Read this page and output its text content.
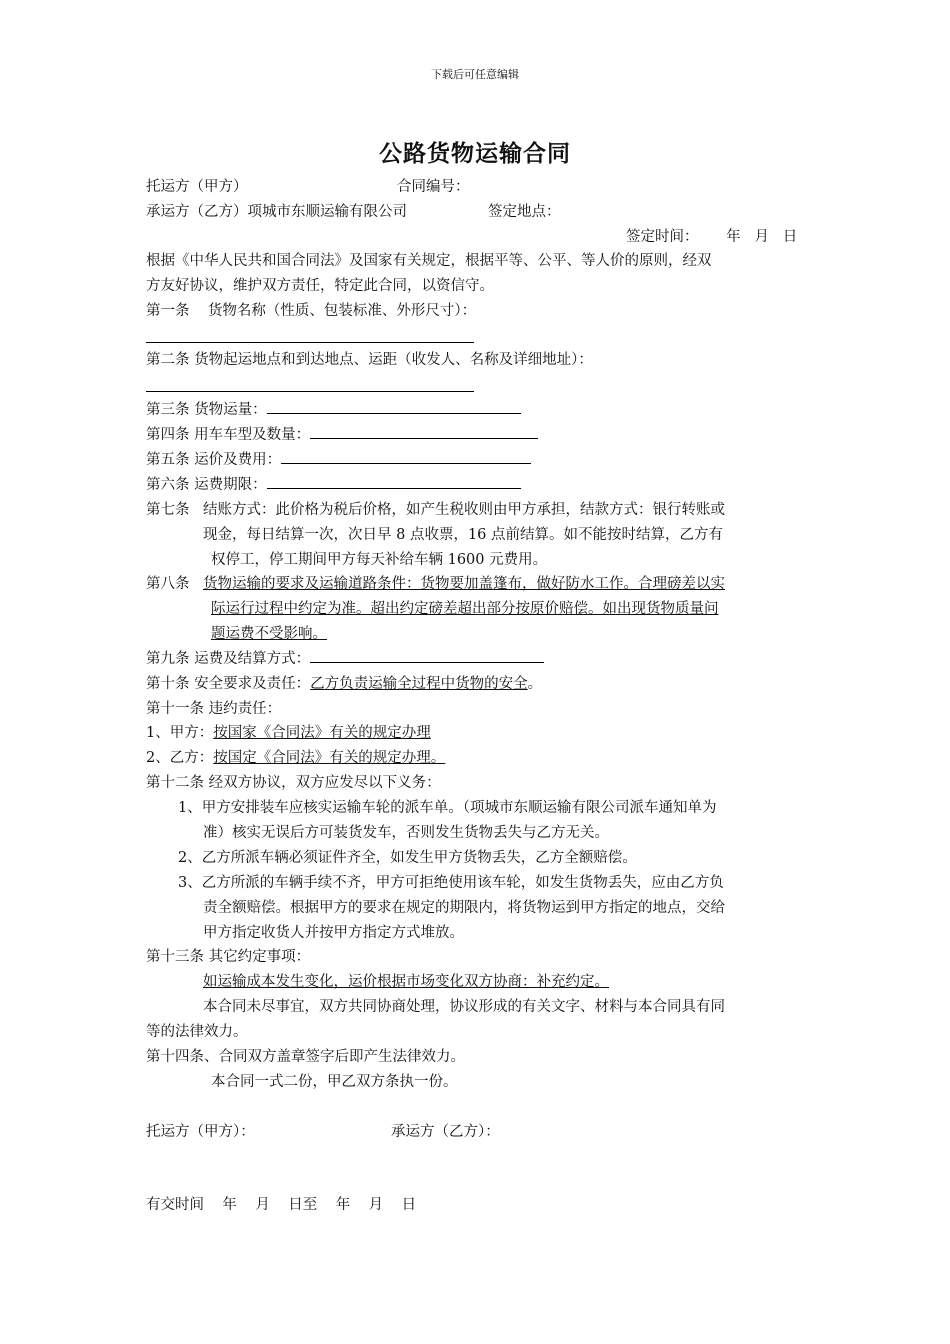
下载后可任意编辑
公路货物运输合同
托运方（甲方）	合同编号：
承运方（乙方）项城市东顺运输有限公司	签定地点：
签定时间：      年   月   日
根据《中华人民共和国合同法》及国家有关规定，根据平等、公平、等人价的原则，经双
方友好协议，维护双方责任，特定此合同，以资信守。
第一条    货物名称（性质、包装标准、外形尺寸）：
第二条 货物起运地点和到达地点、运距（收发人、名称及详细地址）：
第三条 货物运量：
第四条 用车车型及数量：
第五条 运价及费用：
第六条 运费期限：
第七条 结账方式：此价格为税后价格，如产生税收则由甲方承担，结款方式：银行转账或
现金，每日结算一次，次日早 8 点收票，16 点前结算。如不能按时结算，乙方有
权停工，停工期间甲方每天补给车辆 1600 元费用。
第八条 货物运输的要求及运输道路条件：货物要加盖篷布，做好防水工作。合理磅差以实
际运行过程中约定为准。超出约定磅差超出部分按原价赔偿。如出现货物质量问
题运费不受影响。
第九条 运费及结算方式：
第十条 安全要求及责任：乙方负责运输全过程中货物的安全。
第十一条 违约责任：
1、甲方：按国家《合同法》有关的规定办理
2、乙方：按国定《合同法》有关的规定办理。
第十二条 经双方协议，双方应发尽以下义务：
1、甲方安排装车应核实运输车轮的派车单。（项城市东顺运输有限公司派车通知单为
准）核实无误后方可装货发车，否则发生货物丢失与乙方无关。
2、乙方所派车辆必须证件齐全，如发生甲方货物丢失，乙方全额赔偿。
3、乙方所派的车辆手续不齐，甲方可拒绝使用该车轮，如发生货物丢失，应由乙方负
责全额赔偿。根据甲方的要求在规定的期限内，将货物运到甲方指定的地点，交给
甲方指定收货人并按甲方指定方式堆放。
第十三条 其它约定事项：
如运输成本发生变化，运价根据市场变化双方协商：补充约定。
本合同未尽事宜，双方共同协商处理，协议形成的有关文字、材料与本合同具有同
等的法律效力。
第十四条、合同双方盖章签字后即产生法律效力。
本合同一式二份，甲乙双方条执一份。
托运方（甲方）：	承运方（乙方）：
有交时间    年    月    日至    年    月    日
